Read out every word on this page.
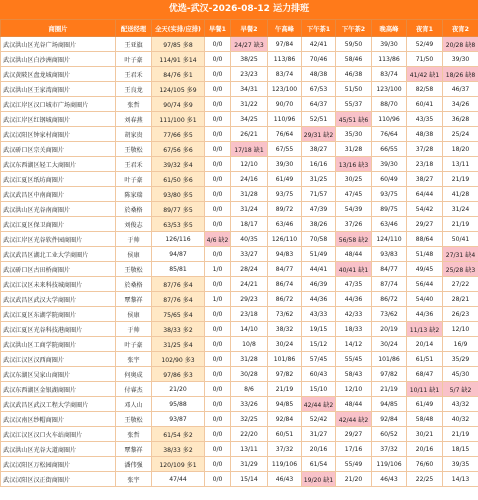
优选-武汉-2026-08-12 运力排班
商圈片	配送经理	全天(实排/应排)	早餐1	早餐2	午高峰	下午茶1	下午茶2	晚高峰	夜宵1	夜宵2
武汉洪山区光谷广场商圈片	王亚旗	97/85 多8	0/0	24/27 缺3	97/84	42/41	59/50	39/30	52/49	20/28 缺8
武汉洪山区白沙洲商圈片	叶子豪	114/91 多14	0/0	38/25	113/86	70/46	58/46	113/86	71/50	39/30
武汉黄陂区盘龙城商圈片	王君禾	84/76 多1	0/0	23/23	83/74	48/38	46/38	83/74	41/42 缺1	18/26 缺8
武汉洪山区王家湾商圈片	王良龙	124/105 多9	0/0	34/31	123/100	67/53	51/50	123/100	82/58	46/37
武汉江岸区汉口城市广场商圈片	张哲	90/74 多9	0/0	31/22	90/70	64/37	55/37	88/70	60/41	34/26
武汉江岸区红钢城商圈片	刘春燕	111/100 多1	0/0	34/25	110/96	52/51	45/51 缺6	110/96	43/35	36/28
武汉汉阳区钟家村商圈片	胡家贵	77/66 多5	0/0	26/21	76/64	29/31 缺2	35/30	76/64	48/38	25/24
武汉硚口区宗关商圈片	王敬松	67/56 多6	0/0	17/18 缺1	67/55	38/27	31/28	66/55	37/28	18/20
武汉东西湖区轻工大商圈片	王君禾	39/32 多4	0/0	12/10	39/30	16/16	13/16 缺3	39/30	23/18	13/11
武汉江夏区纸坊商圈片	叶子豪	61/50 多6	0/0	24/16	61/49	31/25	30/25	60/49	38/27	21/19
武汉武昌区中南商圈片	陈家瑞	93/80 多5	0/0	31/28	93/75	71/57	47/45	93/75	64/44	41/28
武汉洪山区光谷南商圈片	於桑格	89/77 多5	0/0	31/24	89/72	47/39	54/39	89/75	54/42	31/24
武汉江夏区保卫商圈片	刘俊志	63/53 多5	0/0	18/17	63/46	38/26	37/26	63/46	29/27	21/19
武汉江岸区光谷软件园商圈片	于帅	126/116	4/6 缺2	40/35	126/110	70/58	56/58 缺2	124/110	88/64	50/41
武汉武昌区湖北工业大学商圈片	侯康	94/87	0/0	33/27	94/83	51/49	48/44	93/83	51/48	27/31 缺4
武汉硚口区古田桥商圈片	王敬松	85/81	1/0	28/24	84/77	44/41	40/41 缺1	84/77	49/45	25/28 缺3
武汉江汉区未来科技城商圈片	於桑格	87/76 多4	0/0	24/21	86/74	46/39	47/35	87/74	56/44	27/22
武汉武昌区武汉大学商圈片	覃黎祥	87/76 多4	1/0	29/23	86/72	44/36	44/36	86/72	54/40	28/21
武汉江夏区东湖学院商圈片	侯康	75/65 多4	0/0	23/18	73/62	43/33	42/33	73/62	44/36	26/23
武汉江夏区光谷科技港商圈片	于帅	38/33 多2	0/0	14/10	38/32	19/15	18/33	20/19	11/13 缺2	12/10
武汉洪山区工商学院商圈片	叶子豪	31/25 多4	0/0	10/8	30/24	15/12	14/12	30/24	20/14	16/9
武汉江汉区汉西商圈片	张宇	102/90 多3	0/0	31/28	101/86	57/45	55/45	101/86	61/51	35/29
武汉东湖区吴家山商圈片	何奥成	97/86 多3	0/0	30/28	97/82	60/43	58/43	97/82	68/47	45/30
武汉东西湖区金银湖商圈片	付睿杰	21/20	0/0	8/6	21/19	15/10	12/10	21/19	10/11 缺1	5/7 缺2
武汉武昌区武汉工程大学商圈片	邓人山	95/88	0/0	33/26	94/85	42/44 缺2	48/44	94/85	61/49	43/32
武汉汉南区纱帽商圈片	王敬松	93/87	0/0	32/25	92/84	52/42	42/44 缺2	92/84	58/48	40/32
武汉江汉区汉口火车站商圈片	张哲	61/54 多2	0/0	22/20	60/51	31/27	29/27	60/52	30/21	21/19
武汉洪山区光谷大道商圈片	覃黎祥	38/33 多2	0/0	13/11	37/32	20/16	17/16	37/32	20/16	18/15
武汉汉阳区万松园商圈片	潘伟强	120/109 多1	0/0	31/29	119/106	61/54	55/49	119/106	76/60	39/35
武汉汉阳区汉正街商圈片	张宇	47/44	0/0	15/14	46/43	19/20 缺1	21/20	46/43	22/25	14/13
